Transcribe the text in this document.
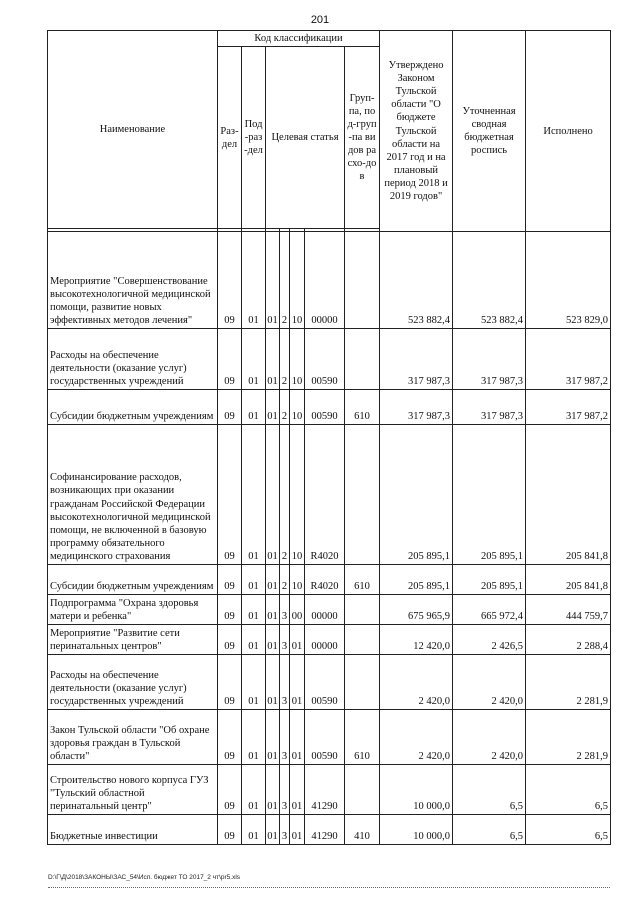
201
Наименование	Код классификации							Утверждено Законом Тульской области "О бюджете Тульской области на 2017 год и на плановый период 2018 и 2019 годов"	Уточненная сводная бюджетная роспись	Исполнено
	Раз-дел	Под-раз-дел	Целевая статья				Груп-па, под-груп-па видов расхо-дов			

Мероприятие "Совершенствование высокотехнологичной медицинской помощи, развитие новых эффективных методов лечения"	09	01	01	2	10	00000		523 882,4	523 882,4	523 829,0
Расходы на обеспечение деятельности (оказание услуг) государственных учреждений	09	01	01	2	10	00590		317 987,3	317 987,3	317 987,2
Субсидии бюджетным учреждениям	09	01	01	2	10	00590	610	317 987,3	317 987,3	317 987,2
Софинансирование расходов, возникающих при оказании гражданам Российской Федерации высокотехнологичной медицинской помощи, не включенной в базовую программу обязательного медицинского страхования	09	01	01	2	10	R4020		205 895,1	205 895,1	205 841,8
Субсидии бюджетным учреждениям	09	01	01	2	10	R4020	610	205 895,1	205 895,1	205 841,8
Подпрограмма "Охрана здоровья матери и ребенка"	09	01	01	3	00	00000		675 965,9	665 972,4	444 759,7
Мероприятие "Развитие сети перинатальных центров"	09	01	01	3	01	00000		12 420,0	2 426,5	2 288,4
Расходы на обеспечение деятельности (оказание услуг) государственных учреждений	09	01	01	3	01	00590		2 420,0	2 420,0	2 281,9
Закон Тульской области "Об охране здоровья граждан в Тульской области"	09	01	01	3	01	00590	610	2 420,0	2 420,0	2 281,9
Строительство нового корпуса ГУЗ "Тульский областной перинатальный центр"	09	01	01	3	01	41290		10 000,0	6,5	6,5
Бюджетные инвестиции	09	01	01	3	01	41290	410	10 000,0	6,5	6,5
D:\Г\Д\2018\ЗАКОНЫ\ЗАС_54\Исп. бюджет ТО 2017_2 чт\pr5.xls
